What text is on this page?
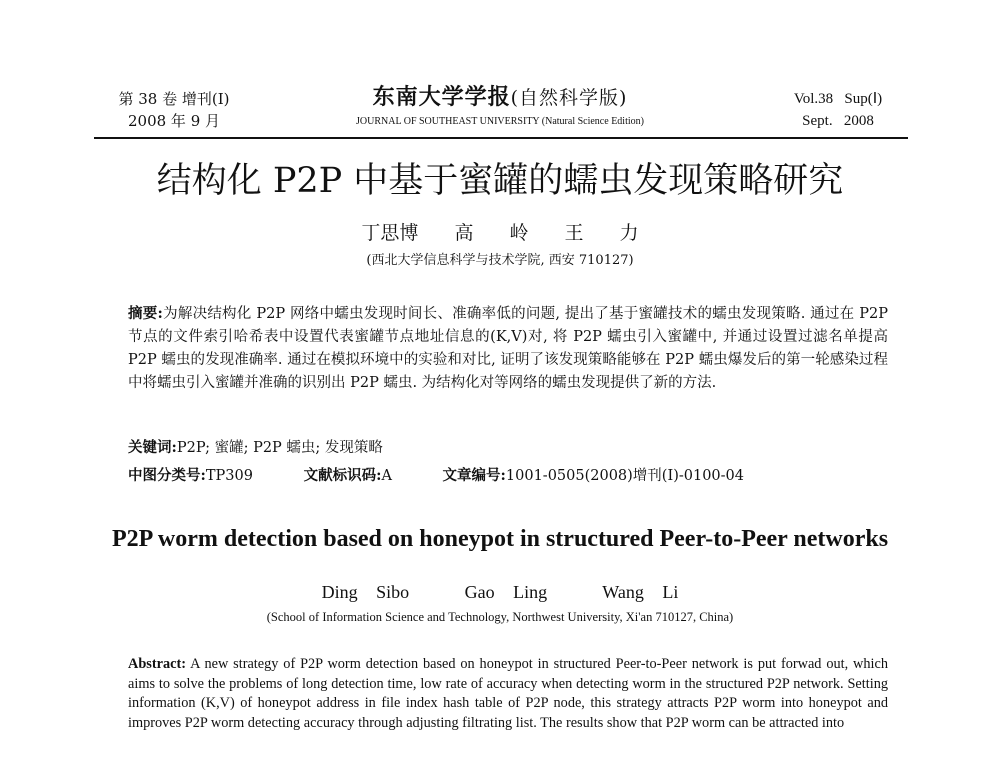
第 38 卷 增刊(Ⅰ)
2008 年 9 月
东南大学学报(自然科学版)
JOURNAL OF SOUTHEAST UNIVERSITY (Natural Science Edition)
Vol.38   Sup(Ⅰ)
Sept.   2008
结构化 P2P 中基于蜜罐的蠕虫发现策略研究
丁思博 高 岭 王 力
(西北大学信息科学与技术学院, 西安 710127)
摘要:为解决结构化 P2P 网络中蠕虫发现时间长、准确率低的问题, 提出了基于蜜罐技术的蠕虫发现策略. 通过在 P2P 节点的文件索引哈希表中设置代表蜜罐节点地址信息的(K,V)对, 将 P2P 蠕虫引入蜜罐中, 并通过设置过滤名单提高 P2P 蠕虫的发现准确率. 通过在模拟环境中的实验和对比, 证明了该发现策略能够在 P2P 蠕虫爆发后的第一轮感染过程中将蠕虫引入蜜罐并准确的识别出 P2P 蠕虫. 为结构化对等网络的蠕虫发现提供了新的方法.
关键词:P2P; 蜜罐; P2P 蠕虫; 发现策略
中图分类号:TP309	文献标识码:A	文章编号:1001-0505(2008)增刊(Ⅰ)-0100-04
P2P worm detection based on honeypot in structured Peer-to-Peer networks
Ding Sibo   Gao Ling   Wang Li
(School of Information Science and Technology, Northwest University, Xi'an 710127, China)
Abstract: A new strategy of P2P worm detection based on honeypot in structured Peer-to-Peer network is put forwad out, which aims to solve the problems of long detection time, low rate of accuracy when detecting worm in the structured P2P network. Setting information (K,V) of honeypot address in file index hash table of P2P node, this strategy attracts P2P worm into honeypot and improves P2P worm detecting accuracy through adjusting filtrating list. The results show that P2P worm can be attracted into
